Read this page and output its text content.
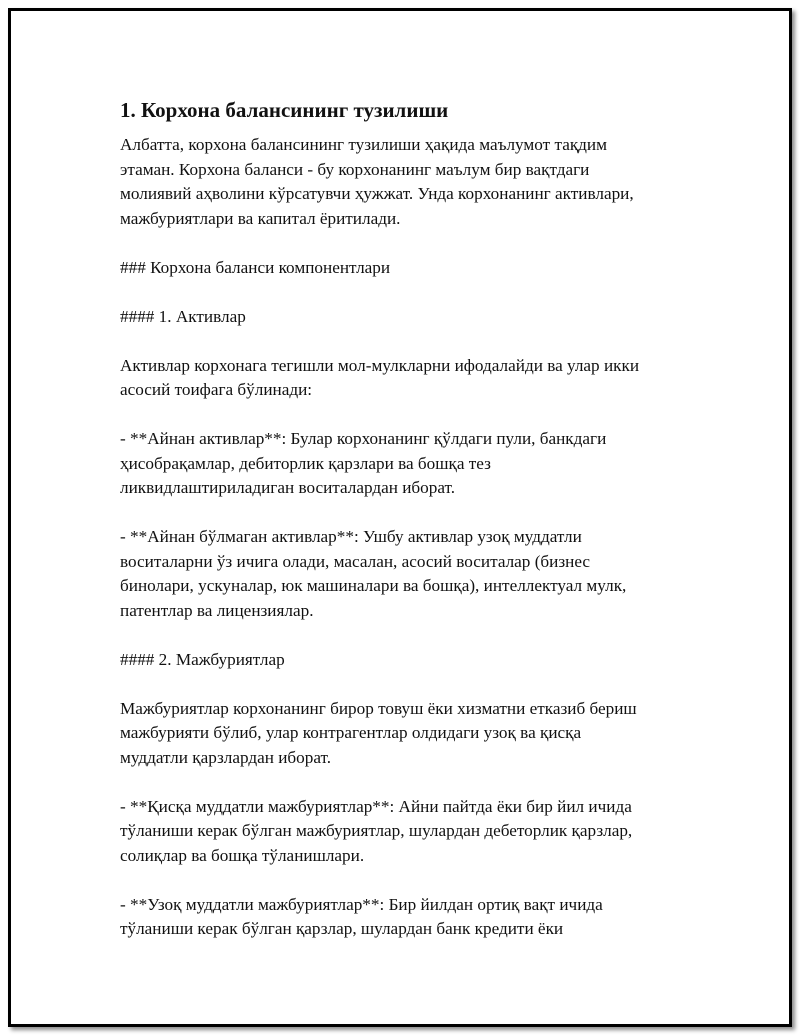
1. Корхона балансининг тузилиши

Албатта, корхона балансининг тузилиши ҳақида маълумот тақдим
этаман. Корхона баланси - бу корхонанинг маълум бир вақтдаги
молиявий аҳволини кўрсатувчи ҳужжат. Унда корхонанинг активлари,
мажбуриятлари ва капитал ёритилади.

### Корхона баланси компонентлари

#### 1. Активлар

Активлар корхонага тегишли мол-мулкларни ифодалайди ва улар икки
асосий тоифага бўлинади:

- **Айнан активлар**: Булар корхонанинг қўлдаги пули, банкдаги
ҳисобрақамлар, дебиторлик қарзлари ва бошқа тез
ликвидлаштириладиган воситалардан иборат.

- **Айнан бўлмаган активлар**: Ушбу активлар узоқ муддатли
воситаларни ўз ичига олади, масалан, асосий воситалар (бизнес
бинолари, ускуналар, юк машиналари ва бошқа), интеллектуал мулк,
патентлар ва лицензиялар.

#### 2. Мажбуриятлар

Мажбуриятлар корхонанинг бирор товуш ёки хизматни етказиб бериш
мажбурияти бўлиб, улар контрагентлар олдидаги узоқ ва қисқа
муддатли қарзлардан иборат.

- **Қисқа муддатли мажбуриятлар**: Айни пайтда ёки бир йил ичида
тўланиши керак бўлган мажбуриятлар, шулардан дебеторлик қарзлар,
солиқлар ва бошқа тўланишлари.

- **Узоқ муддатли мажбуриятлар**: Бир йилдан ортиқ вақт ичида
тўланиши керак бўлган қарзлар, шулардан банк кредити ёки
